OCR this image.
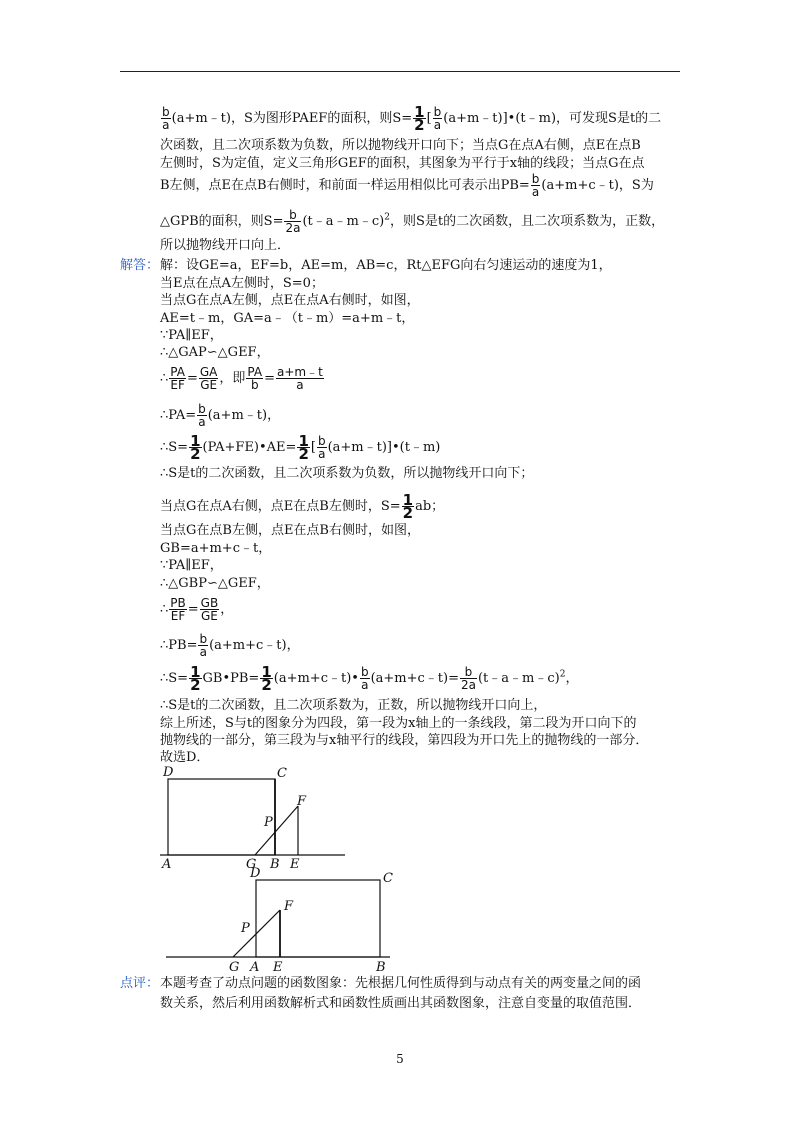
$\frac{b}{a}$ (a+m﹣t)，S为图形PAEF的面积，则$S= \frac{1}{2}$ [ $\frac{b}{a}$ (a+m﹣t)]•(t﹣m)，可发现S是t的二
次函数，且二次项系数为负数，所以抛物线开口向下；当点G在点A右侧，点E在点B
左侧时，S为定值，定义三角形GEF的面积，其图象为平行于x轴的线段；当点G在点
B左侧，点E在点B右侧时，和前面一样运用相似比可表示出$PB= \frac{b}{a}$ (a+m+c﹣t)，S为
△GPB的面积，则$S= \frac{b}{2a}$ (t﹣a﹣m﹣c)$^2$，则S是t的二次函数，且二次项系数为，正数，
所以抛物线开口向上．
解答： 解：设GE=a，EF=b，AE=m，AB=c，Rt△EFG向右匀速运动的速度为1，
当E点在点A左侧时，S=0；
当点G在点A左侧，点E在点A右侧时，如图，
AE=t﹣m，GA=a﹣（t﹣m）=a+m﹣t，
∵PA∥EF，
∴△GAP∽△GEF，
∴ $\frac{PA}{EF} = \frac{GA}{GE}$ ，即 $\frac{PA}{b} = \frac{a+m﹣t}{a}$
∴PA= $\frac{b}{a}$ (a+m﹣t)，
∴S= $\frac{1}{2}$ (PA+FE)•AE= $\frac{1}{2}$ [ $\frac{b}{a}$ (a+m﹣t)]•(t﹣m)
∴S是t的二次函数，且二次项系数为负数，所以抛物线开口向下；
当点G在点A右侧，点E在点B左侧时，$S= \frac{1}{2}$ ab；
当点G在点B左侧，点E在点B右侧时，如图，
GB=a+m+c﹣t，
∵PA∥EF，
∴△GBP∽△GEF，
∴ $\frac{PB}{EF} = \frac{GB}{GE}$ ，
∴PB= $\frac{b}{a}$ (a+m+c﹣t)，
∴S= $\frac{1}{2}$ GB•PB= $\frac{1}{2}$ (a+m+c﹣t)• $\frac{b}{a}$ (a+m+c﹣t)= $\frac{b}{2a}$ (t﹣a﹣m﹣c)$^2$，
∴S是t的二次函数，且二次项系数为，正数，所以抛物线开口向上，
综上所述，S与t的图象分为四段，第一段为x轴上的一条线段，第二段为开口向下的
抛物线的一部分，第三段为与x轴平行的线段，第四段为开口先上的抛物线的一部分．
故选D．
D	C
F
P
A	G B E
D	C
F
P
G A E	B
点评： 本题考查了动点问题的函数图象：先根据几何性质得到与动点有关的两变量之间的函
数关系，然后利用函数解析式和函数性质画出其函数图象，注意自变量的取值范围．
5
